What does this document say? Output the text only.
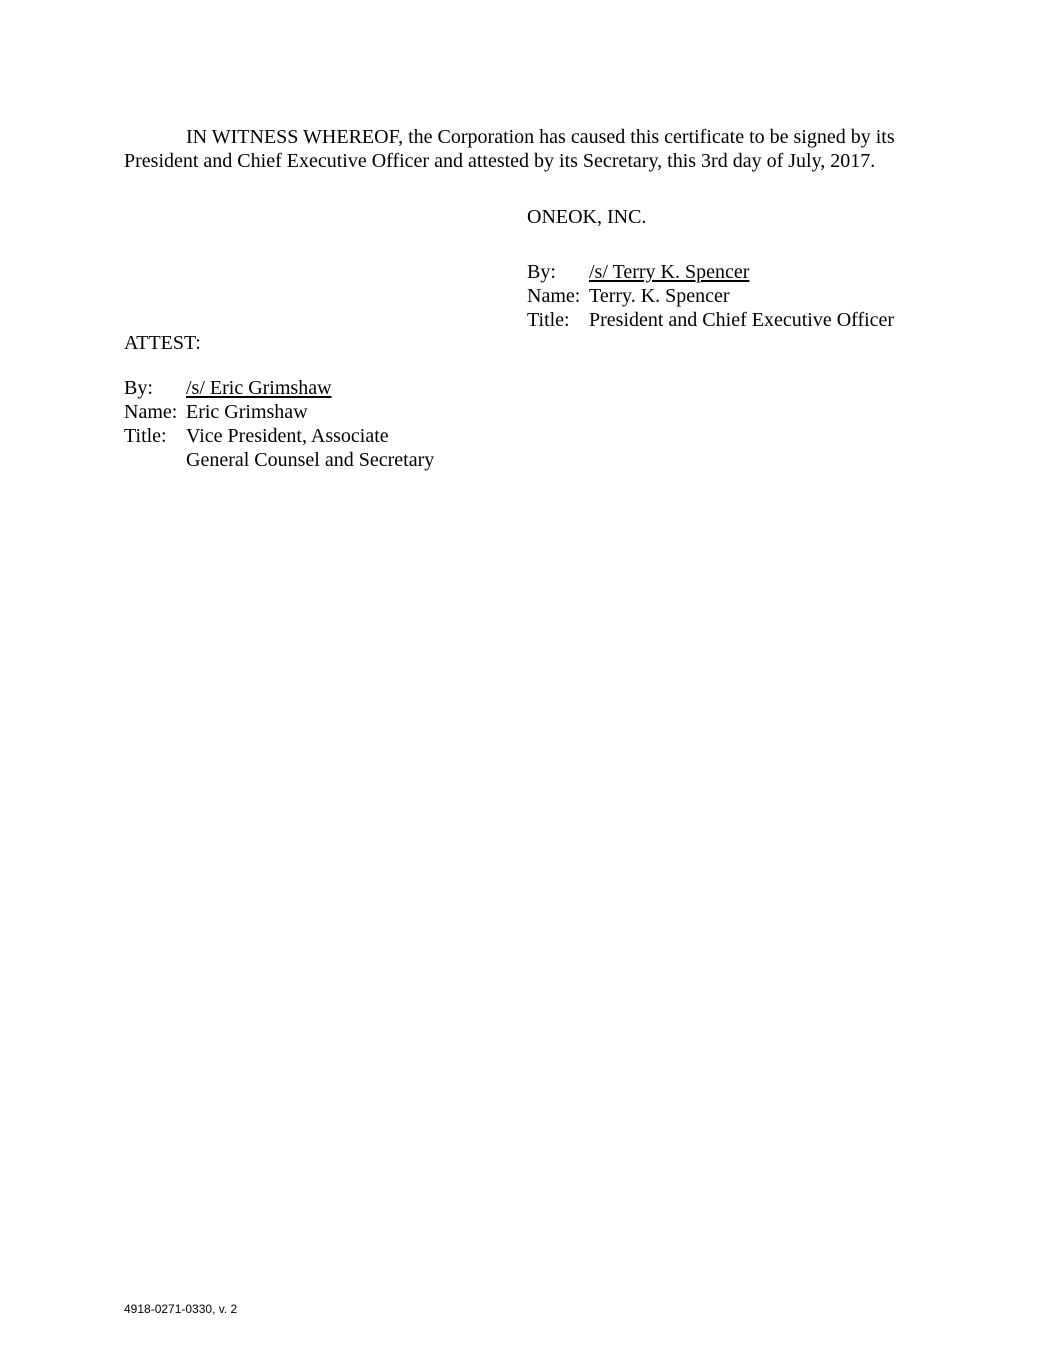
IN WITNESS WHEREOF, the Corporation has caused this certificate to be signed by its
President and Chief Executive Officer and attested by its Secretary, this 3rd day of July, 2017.
ONEOK, INC.
By: /s/ Terry K. Spencer
Name: Terry. K. Spencer
Title: President and Chief Executive Officer
ATTEST:
By: /s/ Eric Grimshaw
Name: Eric Grimshaw
Title: Vice President, Associate
General Counsel and Secretary
4918-0271-0330, v. 2
